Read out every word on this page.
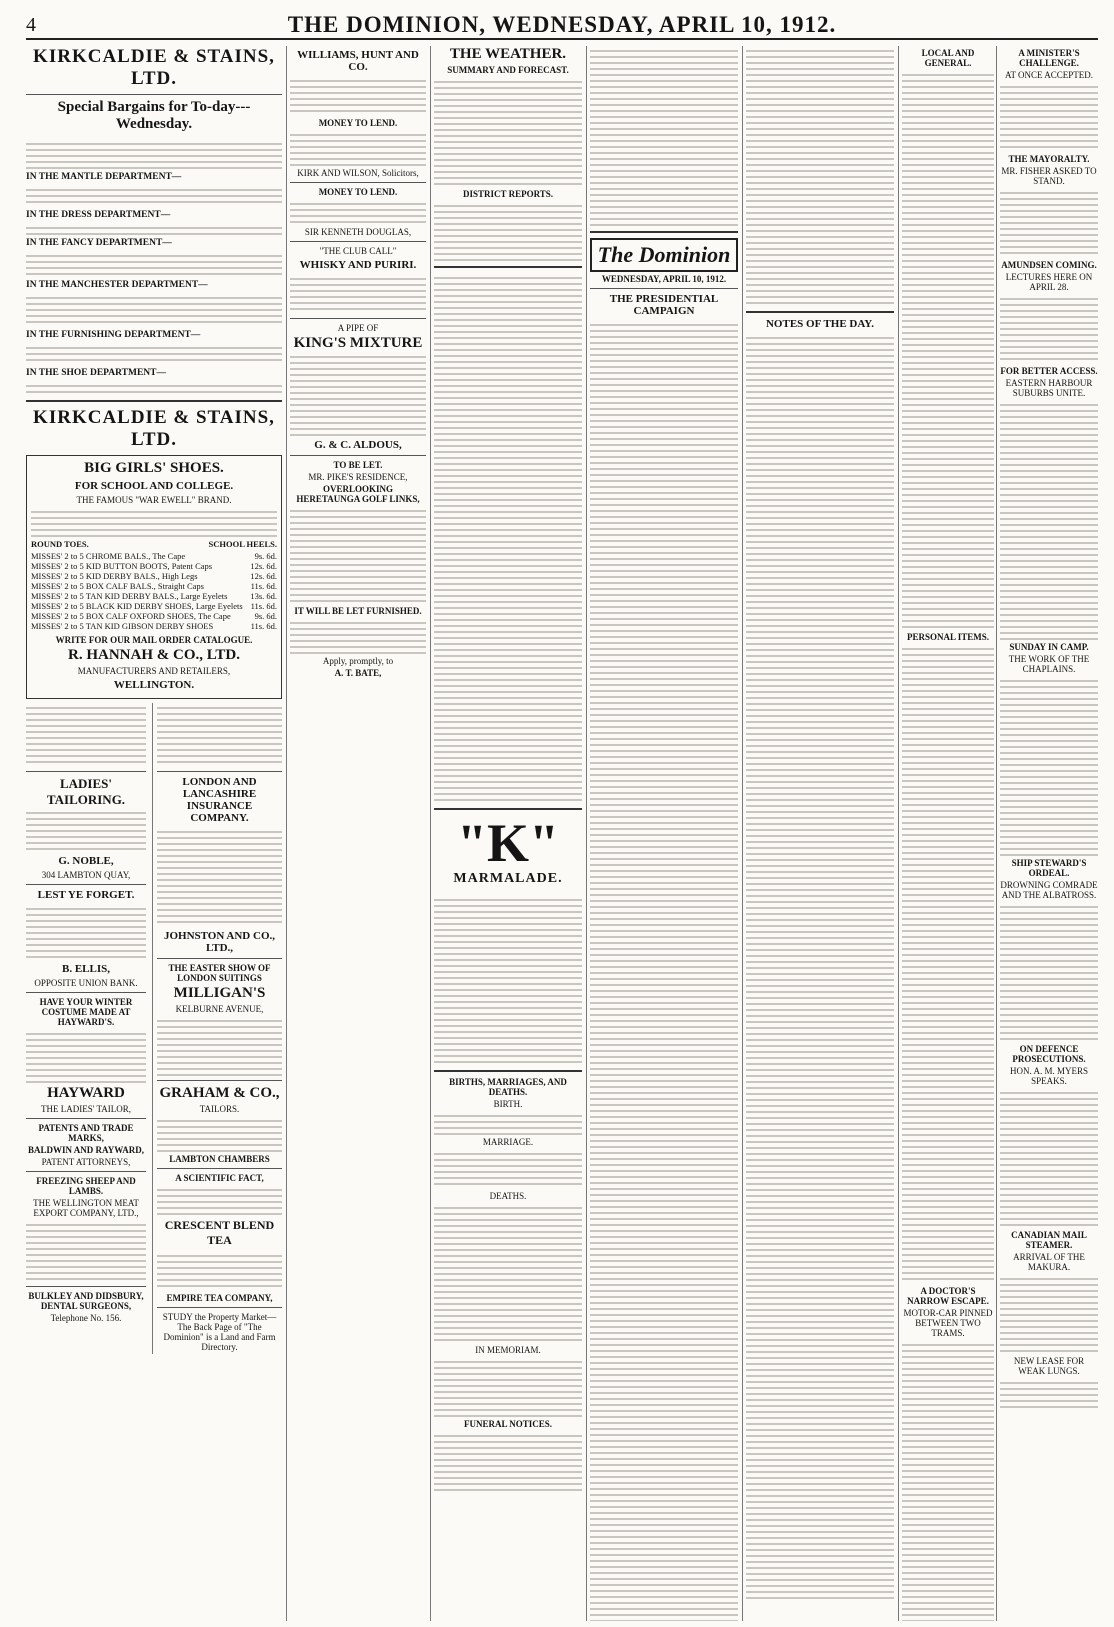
4	THE DOMINION, WEDNESDAY, APRIL 10, 1912.
KIRKCALDIE & STAINS, LTD.
Special Bargains for To-day---Wednesday.
IN THE MANTLE DEPARTMENT—
IN THE DRESS DEPARTMENT—
IN THE FANCY DEPARTMENT—
IN THE MANCHESTER DEPARTMENT—
IN THE FURNISHING DEPARTMENT—
IN THE SHOE DEPARTMENT—
KIRKCALDIE & STAINS, LTD.
BIG GIRLS' SHOES.
FOR SCHOOL AND COLLEGE.
THE FAMOUS "WAR EWELL" BRAND.
ROUND TOES.	SCHOOL HEELS.
MISSES' 2 to 5 CHROME BALS., The Cape	9s. 6d.
MISSES' 2 to 5 KID BUTTON BOOTS, Patent Caps	12s. 6d.
MISSES' 2 to 5 KID DERBY BALS., High Legs	12s. 6d.
MISSES' 2 to 5 BOX CALF BALS., Straight Caps	11s. 6d.
MISSES' 2 to 5 TAN KID DERBY BALS., Large Eyelets	13s. 6d.
MISSES' 2 to 5 BLACK KID DERBY SHOES, Large Eyelets 11s. 6d.
MISSES' 2 to 5 BOX CALF OXFORD SHOES, The Cape	9s. 6d.
MISSES' 2 to 5 TAN KID GIBSON DERBY SHOES	11s. 6d.
WRITE FOR OUR MAIL ORDER CATALOGUE.
R. HANNAH & CO., LTD.
MANUFACTURERS AND RETAILERS,
WELLINGTON.
LADIES' TAILORING.
G. NOBLE,
304 LAMBTON QUAY,
LEST YE FORGET.
B. ELLIS,
OPPOSITE UNION BANK.
HAVE YOUR WINTER COSTUME MADE AT HAYWARD'S.
HAYWARD
THE LADIES' TAILOR,
PATENTS AND TRADE MARKS,
BALDWIN AND RAYWARD,
PATENT ATTORNEYS,
FREEZING SHEEP AND LAMBS.
THE WELLINGTON MEAT EXPORT COMPANY, LTD.,
BULKLEY AND DIDSBURY, DENTAL SURGEONS,
Telephone No. 156.
LONDON AND LANCASHIRE INSURANCE COMPANY.
JOHNSTON AND CO., LTD.,
THE EASTER SHOW OF LONDON SUITINGS
MILLIGAN'S
KELBURNE AVENUE,
GRAHAM & CO.,
TAILORS.
LAMBTON CHAMBERS
A SCIENTIFIC FACT,
CRESCENT BLEND TEA
EMPIRE TEA COMPANY,
STUDY the Property Market—The Back Page of "The Dominion" is a Land and Farm Directory.
WILLIAMS, HUNT AND CO.
MONEY TO LEND.
KIRK AND WILSON, Solicitors,
MONEY TO LEND.
SIR KENNETH DOUGLAS,
"THE CLUB CALL"
WHISKY AND PURIRI.
A PIPE OF
KING'S MIXTURE
G. & C. ALDOUS,
TO BE LET.
MR. PIKE'S RESIDENCE,
OVERLOOKING HERETAUNGA GOLF LINKS,
IT WILL BE LET FURNISHED.
Apply, promptly, to
A. T. BATE,
THE WEATHER.
SUMMARY AND FORECAST.
DISTRICT REPORTS.
"K"
MARMALADE.
BIRTHS, MARRIAGES, AND DEATHS.
BIRTH.
MARRIAGE.
DEATHS.
IN MEMORIAM.
FUNERAL NOTICES.
The Dominion
WEDNESDAY, APRIL 10, 1912.
THE PRESIDENTIAL CAMPAIGN
NOTES OF THE DAY.
LOCAL AND GENERAL.
PERSONAL ITEMS.
A DOCTOR'S NARROW ESCAPE.
MOTOR-CAR PINNED BETWEEN TWO TRAMS.
A MINISTER'S CHALLENGE.
AT ONCE ACCEPTED.
THE MAYORALTY.
MR. FISHER ASKED TO STAND.
AMUNDSEN COMING.
LECTURES HERE ON APRIL 28.
FOR BETTER ACCESS.
EASTERN HARBOUR SUBURBS UNITE.
SUNDAY IN CAMP.
THE WORK OF THE CHAPLAINS.
SHIP STEWARD'S ORDEAL.
DROWNING COMRADE AND THE ALBATROSS.
ON DEFENCE PROSECUTIONS.
HON. A. M. MYERS SPEAKS.
CANADIAN MAIL STEAMER.
ARRIVAL OF THE MAKURA.
NEW LEASE FOR WEAK LUNGS.
